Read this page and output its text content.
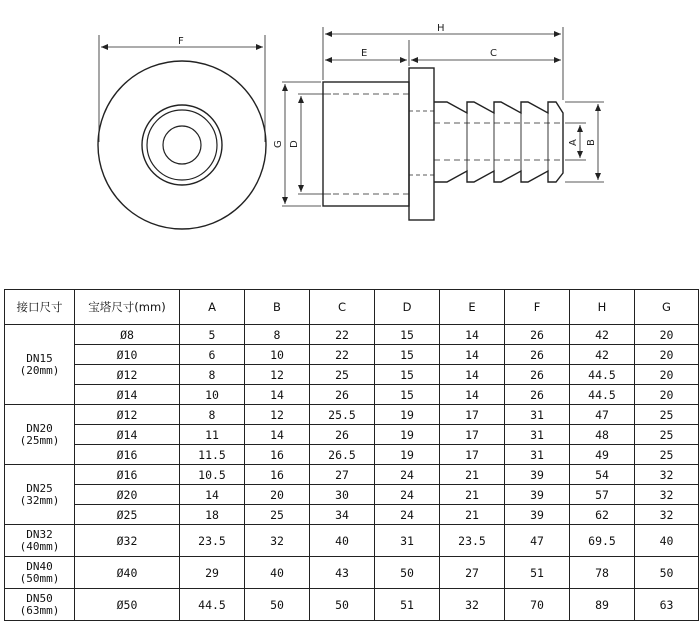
F
H
E	C
G D	A B
接口尺寸	宝塔尺寸(mm)	A	B	C	D	E	F	H	G

DN15
(20mm)	Ø8	5	8	22	15	14	26	42	20
	Ø10	6	10	22	15	14	26	42	20
	Ø12	8	12	25	15	14	26	44.5	20
	Ø14	10	14	26	15	14	26	44.5	20

DN20
(25mm)	Ø12	8	12	25.5	19	17	31	47	25
	Ø14	11	14	26	19	17	31	48	25
	Ø16	11.5	16	26.5	19	17	31	49	25

DN25
(32mm)	Ø16	10.5	16	27	24	21	39	54	32
	Ø20	14	20	30	24	21	39	57	32
	Ø25	18	25	34	24	21	39	62	32

DN32
(40mm)	Ø32	23.5	32	40	31	23.5	47	69.5	40

DN40
(50mm)	Ø40	29	40	43	50	27	51	78	50

DN50
(63mm)	Ø50	44.5	50	50	51	32	70	89	63
